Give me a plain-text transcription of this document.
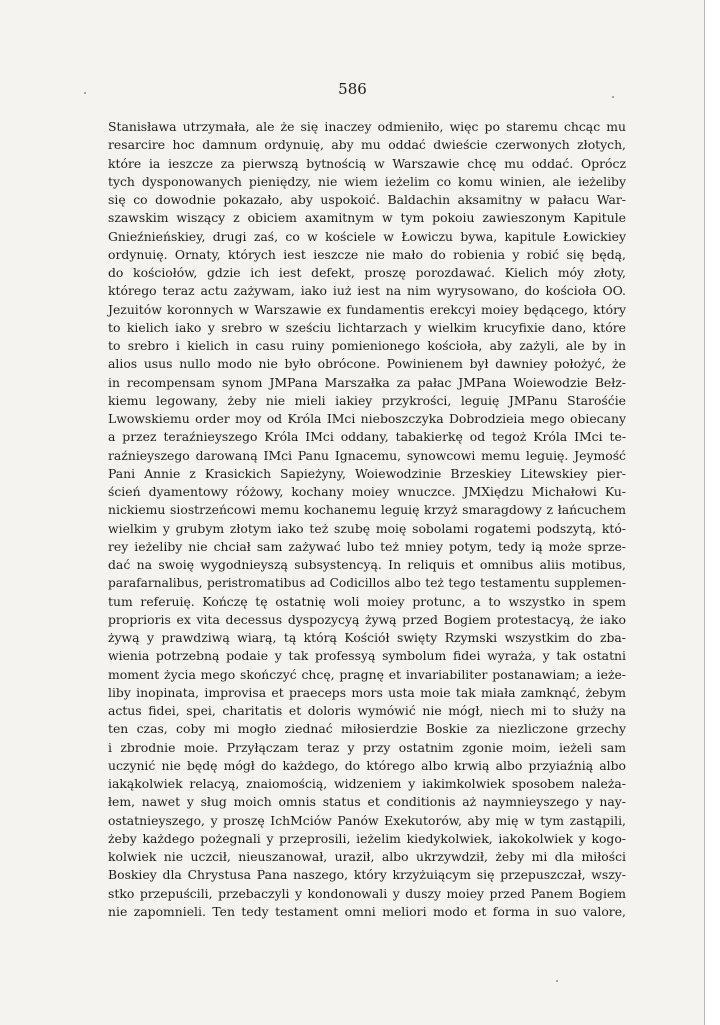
586

Stanisława utrzymała, ale że się inaczey odmieniło, więc po staremu chcąc mu
resarcire hoc damnum ordynuię, aby mu oddać dwieście czerwonych złotych,
które ia ieszcze za pierwszą bytnością w Warszawie chcę mu oddać. Oprócz
tych dysponowanych pieniędzy, nie wiem ieżelim co komu winien, ale ieżeliby
się co dowodnie pokazało, aby uspokoić. Baldachin aksamitny w pałacu War-
szawskim wiszący z obiciem axamitnym w tym pokoiu zawieszonym Kapitule
Gnieźnieńskiey, drugi zaś, co w kościele w Łowiczu bywa, kapitule Łowickiey
ordynuię. Ornaty, których iest ieszcze nie mało do robienia y robić się będą,
do kościołów, gdzie ich iest defekt, proszę porozdawać. Kielich móy złoty,
którego teraz actu zażywam, iako iuż iest na nim wyrysowano, do kościoła OO.
Jezuitów koronnych w Warszawie ex fundamentis erekcyi moiey będącego, który
to kielich iako y srebro w sześciu lichtarzach y wielkim krucyfixie dano, które
to srebro i kielich in casu ruiny pomienionego kościoła, aby zażyli, ale by in
alios usus nullo modo nie było obrócone. Powinienem był dawniey położyć, że
in recompensam synom JMPana Marszałka za pałac JMPana Woiewodzie Bełz-
kiemu legowany, żeby nie mieli iakiey przykrości, leguię JMPanu Starośćie
Lwowskiemu order moy od Króla IMci nieboszczyka Dobrodzieia mego obiecany
a przez teraźnieyszego Króla IMci oddany, tabakierkę od tegoż Króla IMci te-
raźnieyszego darowaną IMci Panu Ignacemu, synowcowi memu leguię. Jeymość
Pani Annie z Krasickich Sapieżyny, Woiewodzinie Brzeskiey Litewskiey pier-
ścień dyamentowy różowy, kochany moiey wnuczce. JMXiędzu Michałowi Ku-
nickiemu siostrzeńcowi memu kochanemu leguię krzyż smaragdowy z łańcuchem
wielkim y grubym złotym iako też szubę moię sobolami rogatemi podszytą, któ-
rey ieżeliby nie chciał sam zażywać lubo też mniey potym, tedy ią może sprze-
dać na swoię wygodnieyszą subsystencyą. In reliquis et omnibus aliis motibus,
parafarnalibus, peristromatibus ad Codicillos albo też tego testamentu supplemen-
tum referuię. Kończę tę ostatnię woli moiey protunc, a to wszystko in spem
proprioris ex vita decessus dyspozycyą żywą przed Bogiem protestacyą, że iako
żywą y prawdziwą wiarą, tą którą Kościół swięty Rzymski wszystkim do zba-
wienia potrzebną podaie y tak professyą symbolum fidei wyraża, y tak ostatni
moment życia mego skończyć chcę, pragnę et invariabiliter postanawiam; a ieże-
liby inopinata, improvisa et praeceps mors usta moie tak miała zamknąć, żebym
actus fidei, spei, charitatis et doloris wymówić nie mógł, niech mi to służy na
ten czas, coby mi mogło ziednać miłosierdzie Boskie za niezliczone grzechy
i zbrodnie moie. Przyłączam teraz y przy ostatnim zgonie moim, ieżeli sam
uczynić nie będę mógł do każdego, do którego albo krwią albo przyiaźnią albo
iakąkolwiek relacyą, znaiomością, widzeniem y iakimkolwiek sposobem należa-
łem, nawet y sług moich omnis status et conditionis aż naymnieyszego y nay-
ostatnieyszego, y proszę IchMciów Panów Exekutorów, aby mię w tym zastąpili,
żeby każdego pożegnali y przeprosili, ieżelim kiedykolwiek, iakokolwiek y kogo-
kolwiek nie uczcił, nieuszanował, uraził, albo ukrzywdził, żeby mi dla miłości
Boskiey dla Chrystusa Pana naszego, który krzyżuiącym się przepuszczał, wszy-
stko przepuścili, przebaczyli y kondonowali y duszy moiey przed Panem Bogiem
nie zapomnieli. Ten tedy testament omni meliori modo et forma in suo valore,
